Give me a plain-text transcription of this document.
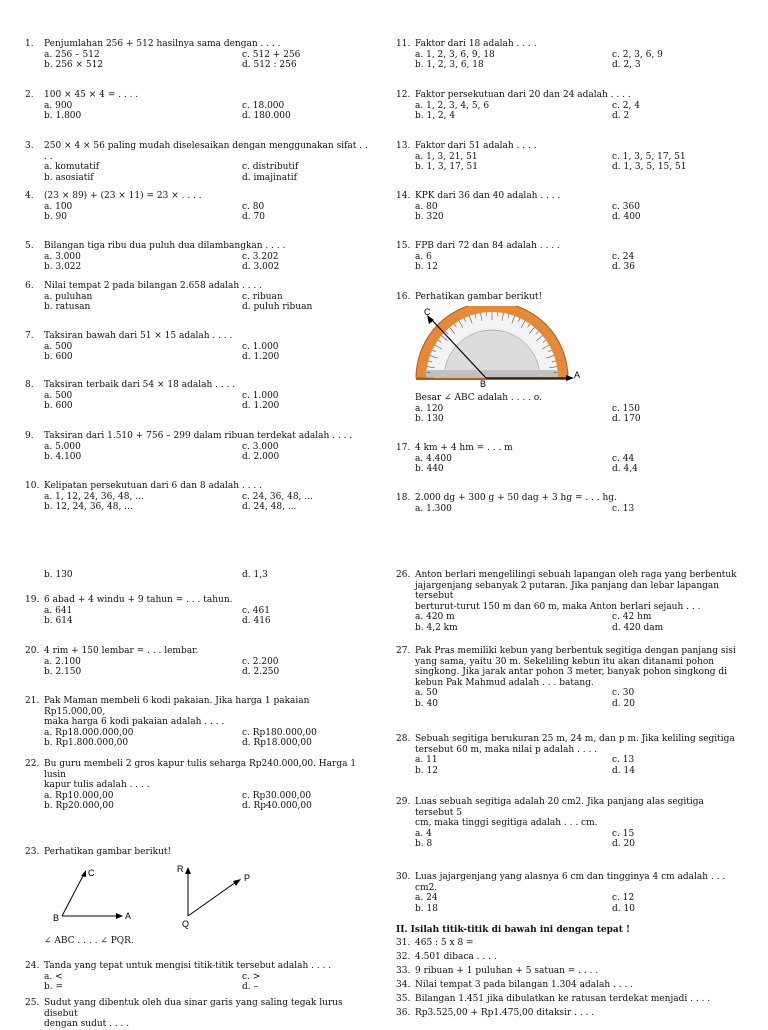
1. Penjumlahan 256 + 512 hasilnya sama dengan . . . .
a. 256 – 512	c. 512 + 256
b. 256 × 512	d. 512 : 256
2. 100 × 45 × 4 = . . . .
a. 900	c. 18.000
b. 1.800	d. 180.000
3. 250 × 4 × 56 paling mudah diselesaikan dengan menggunakan sifat . . . .
a. komutatif	c. distributif
b. asosiatif	d. imajinatif
4. (23 × 89) + (23 × 11) = 23 × . . . .
a. 100	c. 80
b. 90	d. 70
5. Bilangan tiga ribu dua puluh dua dilambangkan . . . .
a. 3.000	c. 3.202
b. 3.022	d. 3.002
6. Nilai tempat 2 pada bilangan 2.658 adalah . . . .
a. puluhan	c. ribuan
b. ratusan	d. puluh ribuan
7. Taksiran bawah dari 51 × 15 adalah . . . .
a. 500	c. 1.000
b. 600	d. 1.200
8. Taksiran terbaik dari 54 × 18 adalah . . . .
a. 500	c. 1.000
b. 600	d. 1.200
9. Taksiran dari 1.510 + 756 – 299 dalam ribuan terdekat adalah . . . .
a. 5.000	c. 3.000
b. 4.100	d. 2.000
10. Kelipatan persekutuan dari 6 dan 8 adalah . . . .
a. 1, 12, 24, 36, 48, ...	c. 24, 36, 48, ...
b. 12, 24, 36, 48, ...	d. 24, 48, ...
11. Faktor dari 18 adalah . . . .
a. 1, 2, 3, 6, 9, 18	c. 2, 3, 6, 9
b. 1, 2, 3, 6, 18	d. 2, 3
12. Faktor persekutuan dari 20 dan 24 adalah . . . .
a. 1, 2, 3, 4, 5, 6	c. 2, 4
b. 1, 2, 4	d. 2
13. Faktor dari 51 adalah . . . .
a. 1, 3, 21, 51	c. 1, 3, 5, 17, 51
b. 1, 3, 17, 51	d. 1, 3, 5, 15, 51
14. KPK dari 36 dan 40 adalah . . . .
a. 80	c. 360
b. 320	d. 400
15. FPB dari 72 dan 84 adalah . . . .
a. 6	c. 24
b. 12	d. 36
16. Perhatikan gambar berikut!
C
B
A
Besar ∠ ABC adalah . . . . o.
a. 120	c. 150
b. 130	d. 170
17. 4 km + 4 hm = . . . m
a. 4.400	c. 44
b. 440	d. 4,4
18. 2.000 dg + 300 g + 50 dag + 3 hg = . . . hg.
a. 1.300	c. 13
b. 130	d. 1,3
19. 6 abad + 4 windu + 9 tahun = . . . tahun.
a. 641	c. 461
b. 614	d. 416
20. 4 rim + 150 lembar = . . . lembar.
a. 2.100	c. 2.200
b. 2.150	d. 2.250
21. Pak Maman membeli 6 kodi pakaian. Jika harga 1 pakaian Rp15.000,00,
maka harga 6 kodi pakaian adalah . . . .
a. Rp18.000.000,00	c. Rp180.000,00
b. Rp1.800.000,00	d. Rp18.000,00
22. Bu guru membeli 2 gros kapur tulis seharga Rp240.000,00. Harga 1 lusin
kapur tulis adalah . . . .
a. Rp10.000,00	c. Rp30.000,00
b. Rp20.000,00	d. Rp40.000,00
23. Perhatikan gambar berikut!
C
B	A
R
P
Q
∠ ABC . . . . ∠ PQR.
24. Tanda yang tepat untuk mengisi titik-titik tersebut adalah . . . .
a. <	c. >
b. =	d. –
25. Sudut yang dibentuk oleh dua sinar garis yang saling tegak lurus disebut
dengan sudut . . . .
26. Anton berlari mengelilingi sebuah lapangan oleh raga yang berbentuk
jajargenjang sebanyak 2 putaran. Jika panjang dan lebar lapangan tersebut
berturut-turut 150 m dan 60 m, maka Anton berlari sejauh . . .
a. 420 m	c. 42 hm
b. 4,2 km	d. 420 dam
27. Pak Pras memiliki kebun yang berbentuk segitiga dengan panjang sisi
yang sama, yaitu 30 m. Sekeliling kebun itu akan ditanami pohon
singkong. Jika jarak antar pohon 3 meter, banyak pohon singkong di
kebun Pak Mahmud adalah . . . batang.
a. 50	c. 30
b. 40	d. 20
28. Sebuah segitiga berukuran 25 m, 24 m, dan p m. Jika keliling segitiga
tersebut 60 m, maka nilai p adalah . . . .
a. 11	c. 13
b. 12	d. 14
29. Luas sebuah segitiga adalah 20 cm2. Jika panjang alas segitiga tersebut 5
cm, maka tinggi segitiga adalah . . . cm.
a. 4	c. 15
b. 8	d. 20
30. Luas jajargenjang yang alasnya 6 cm dan tingginya 4 cm adalah . . . cm2.
a. 24	c. 12
b. 18	d. 10
II. Isilah titik-titik di bawah ini dengan tepat !
31. 465 : 5 x 8 =
32. 4.501 dibaca . . . .
33. 9 ribuan + 1 puluhan + 5 satuan = . . . .
34. Nilai tempat 3 pada bilangan 1.304 adalah . . . .
35. Bilangan 1.451 jika dibulatkan ke ratusan terdekat menjadi . . . .
36. Rp3.525,00 + Rp1.475,00 ditaksir . . . .
